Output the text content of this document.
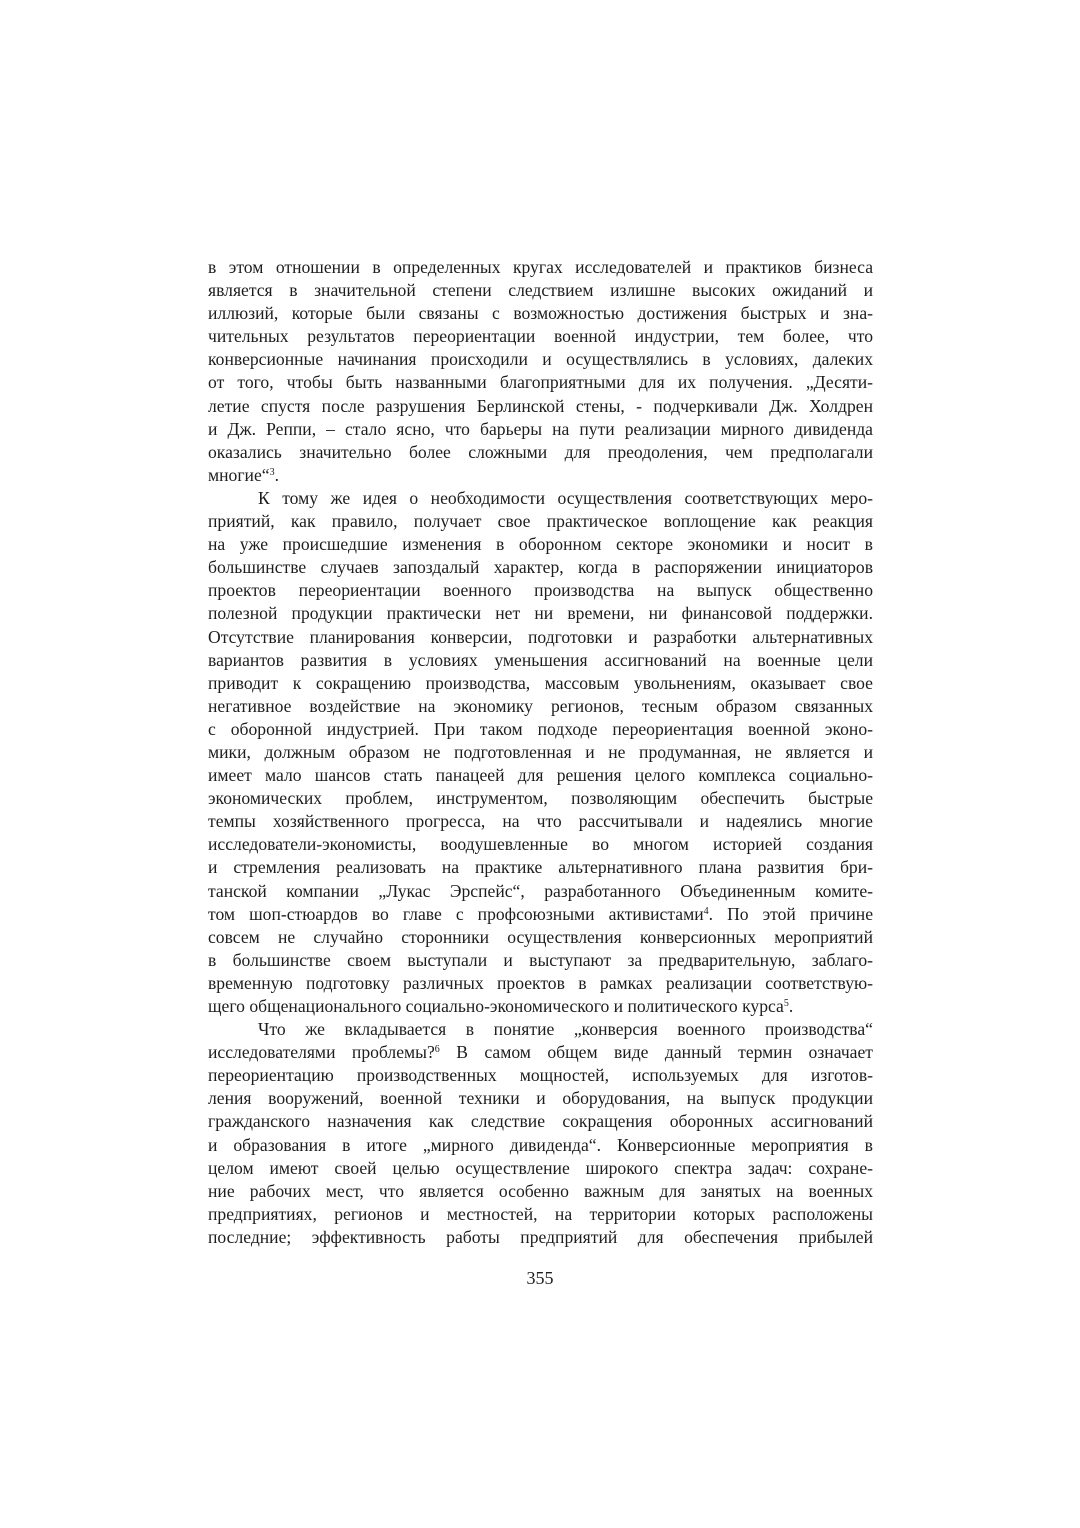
в этом отношении в определенных кругах исследователей и практиков бизнеса
является в значительной степени следствием излишне высоких ожиданий и
иллюзий, которые были связаны с возможностью достижения быстрых и зна-
чительных результатов переориентации военной индустрии, тем более, что
конверсионные начинания происходили и осуществлялись в условиях, далеких
от того, чтобы быть названными благоприятными для их получения. „Десяти-
летие спустя после разрушения Берлинской стены, - подчеркивали Дж. Холдрен
и Дж. Реппи, – стало ясно, что барьеры на пути реализации мирного дивиденда
оказались значительно более сложными для преодоления, чем предполагали
многие“$^3$.
К тому же идея о необходимости осуществления соответствующих меро-
приятий, как правило, получает свое практическое воплощение как реакция
на уже происшедшие изменения в оборонном секторе экономики и носит в
большинстве случаев запоздалый характер, когда в распоряжении инициаторов
проектов переориентации военного производства на выпуск общественно
полезной продукции практически нет ни времени, ни финансовой поддержки.
Отсутствие планирования конверсии, подготовки и разработки альтернативных
вариантов развития в условиях уменьшения ассигнований на военные цели
приводит к сокращению производства, массовым увольнениям, оказывает свое
негативное воздействие на экономику регионов, тесным образом связанных
с оборонной индустрией. При таком подходе переориентация военной эконо-
мики, должным образом не подготовленная и не продуманная, не является и
имеет мало шансов стать панацеей для решения целого комплекса социально-
экономических проблем, инструментом, позволяющим обеспечить быстрые
темпы хозяйственного прогресса, на что рассчитывали и надеялись многие
исследователи-экономисты, воодушевленные во многом историей создания
и стремления реализовать на практике альтернативного плана развития бри-
танской компании „Лукас Эрспейс“, разработанного Объединенным комите-
том шоп-стюардов во главе с профсоюзными активистами$^4$. По этой причине
совсем не случайно сторонники осуществления конверсионных мероприятий
в большинстве своем выступали и выступают за предварительную, заблаго-
временную подготовку различных проектов в рамках реализации соответствую-
щего общенационального социально-экономического и политического курса$^5$.
Что же вкладывается в понятие „конверсия военного производства“
исследователями проблемы?$^6$ В самом общем виде данный термин означает
переориентацию производственных мощностей, используемых для изготов-
ления вооружений, военной техники и оборудования, на выпуск продукции
гражданского назначения как следствие сокращения оборонных ассигнований
и образования в итоге „мирного дивиденда“. Конверсионные мероприятия в
целом имеют своей целью осуществление широкого спектра задач: сохране-
ние рабочих мест, что является особенно важным для занятых на военных
предприятиях, регионов и местностей, на территории которых расположены
последние; эффективность работы предприятий для обеспечения прибылей
355
